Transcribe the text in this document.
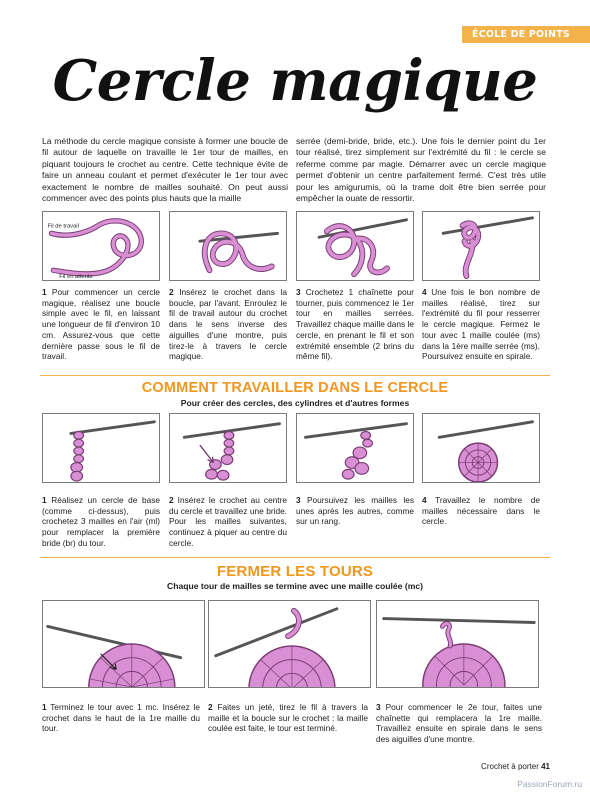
ÉCOLE DE POINTS
Cercle magique

La méthode du cercle magique consiste à former une boucle de fil autour de laquelle on travaille le 1er tour de mailles, en piquant toujours le crochet au centre. Cette technique évite de faire un anneau coulant et permet d'exécuter le 1er tour avec exactement le nombre de mailles souhaité. On peut aussi commencer avec des points plus hauts que la maille

serrée (demi-bride, bride, etc.). Une fois le dernier point du 1er tour réalisé, tirez simplement sur l'extrémité du fil : le cercle se referme comme par magie. Démarrer avec un cercle magique permet d'obtenir un centre parfaitement fermé. C'est très utile pour les amigurumis, où la trame doit être bien serrée pour empêcher la ouate de ressortir.

Fil de travail
Fil en attente

1 Pour commencer un cercle magique, réalisez une boucle simple avec le fil, en laissant une longueur de fil d'environ 10 cm. Assurez-vous que cette dernière passe sous le fil de travail.

2 Insérez le crochet dans la boucle, par l'avant. Enroulez le fil de travail autour du crochet dans le sens inverse des aiguilles d'une montre, puis tirez-le à travers le cercle magique.

3 Crochetez 1 chaînette pour tourner, puis commencez le 1er tour en mailles serrées. Travaillez chaque maille dans le cercle, en prenant le fil et son extrémité ensemble (2 brins du même fil).

4 Une fois le bon nombre de mailles réalisé, tirez sur l'extrémité du fil pour resserrer le cercle magique. Fermez le tour avec 1 maille coulée (ms) dans la 1ère maille serrée (ms). Poursuivez ensuite en spirale.

COMMENT TRAVAILLER DANS LE CERCLE
Pour créer des cercles, des cylindres et d'autres formes

1 Réalisez un cercle de base (comme ci-dessus), puis crochetez 3 mailles en l'air (ml) pour remplacer la première bride (br) du tour.

2 Insérez le crochet au centre du cercle et travaillez une bride. Pour les mailles suivantes, continuez à piquer au centre du cercle.

3 Poursuivez les mailles les unes après les autres, comme sur un rang.

4 Travaillez le nombre de mailles nécessaire dans le cercle.

FERMER LES TOURS
Chaque tour de mailles se termine avec une maille coulée (mc)

1 Terminez le tour avec 1 mc. Insérez le crochet dans le haut de la 1re maille du tour.

2 Faites un jeté, tirez le fil à travers la maille et la boucle sur le crochet : la maille coulée est faite, le tour est terminé.

3 Pour commencer le 2e tour, faites une chaînette qui remplacera la 1re maille. Travaillez ensuite en spirale dans le sens des aiguilles d'une montre.

Crochet à porter 41
PassionForum.ru
